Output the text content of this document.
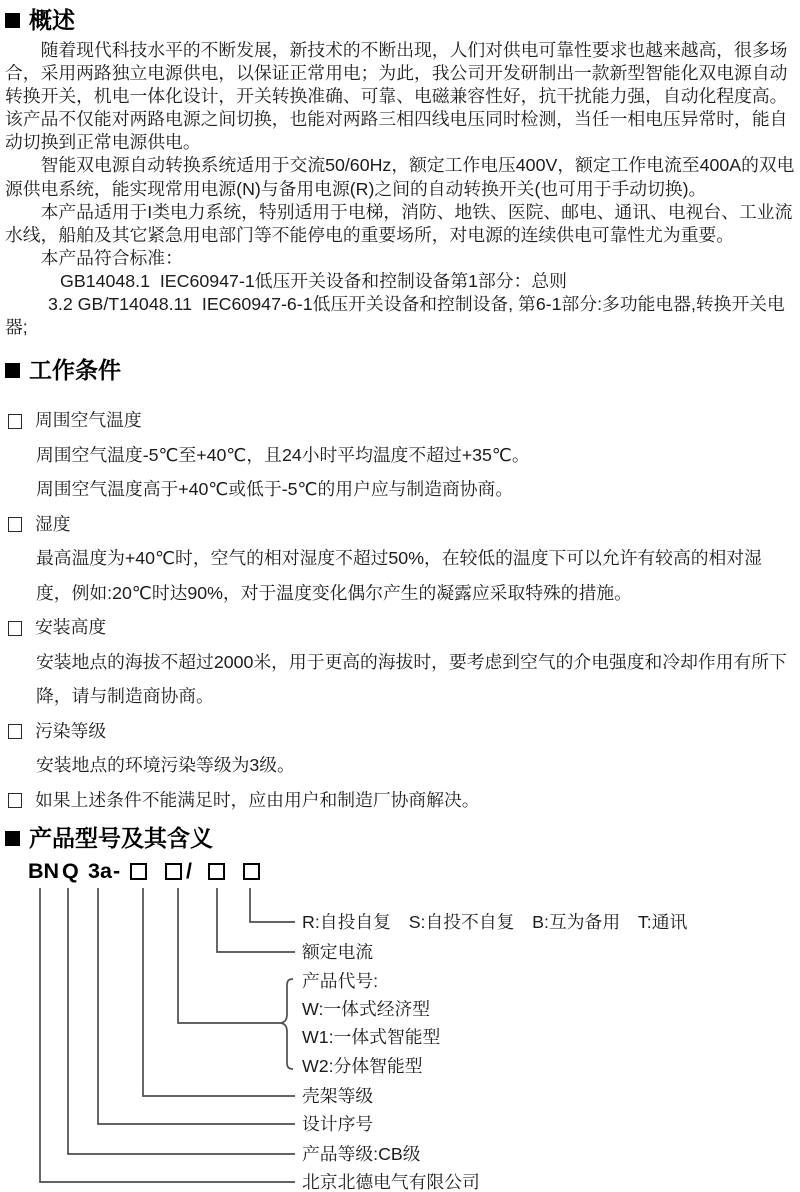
概述

随着现代科技水平的不断发展，新技术的不断出现，人们对供电可靠性要求也越来越高，很多场合，采用两路独立电源供电，以保证正常用电；为此，我公司开发研制出一款新型智能化双电源自动转换开关，机电一体化设计，开关转换准确、可靠、电磁兼容性好，抗干扰能力强，自动化程度高。该产品不仅能对两路电源之间切换，也能对两路三相四线电压同时检测，当任一相电压异常时，能自动切换到正常电源供电。

智能双电源自动转换系统适用于交流50/60Hz，额定工作电压400V，额定工作电流至400A的双电源供电系统，能实现常用电源(N)与备用电源(R)之间的自动转换开关(也可用于手动切换)。

本产品适用于I类电力系统，特别适用于电梯，消防、地铁、医院、邮电、通讯、电视台、工业流水线，船舶及其它紧急用电部门等不能停电的重要场所，对电源的连续供电可靠性尤为重要。

本产品符合标准：

GB14048.1  IEC60947-1低压开关设备和控制设备第1部分：总则

3.2 GB/T14048.11  IEC60947-6-1低压开关设备和控制设备, 第6-1部分:多功能电器,转换开关电器;

工作条件
周围空气温度
周围空气温度-5℃至+40℃，且24小时平均温度不超过+35℃。
周围空气温度高于+40℃或低于-5℃的用户应与制造商协商。
湿度
最高温度为+40℃时，空气的相对湿度不超过50%，在较低的温度下可以允许有较高的相对湿度，例如:20℃时达90%，对于温度变化偶尔产生的凝露应采取特殊的措施。
安装高度
安装地点的海拔不超过2000米，用于更高的海拔时，要考虑到空气的介电强度和冷却作用有所下降，请与制造商协商。
污染等级
安装地点的环境污染等级为3级。
如果上述条件不能满足时，应由用户和制造厂协商解决。
产品型号及其含义
BN Q 3a -	/
R:自投自复　S:自投不自复　B:互为备用　T:通讯
额定电流
产品代号:
W:一体式经济型
W1:一体式智能型
W2:分体智能型
壳架等级
设计序号
产品等级:CB级
北京北德电气有限公司
